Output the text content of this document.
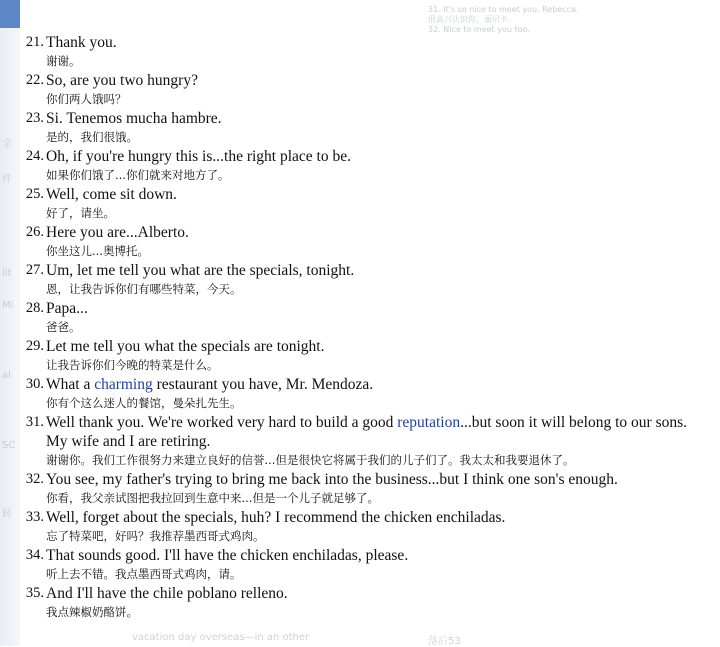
字
件
lit
Mi
al
SC
转
31. It's so nice to meet you, Rebecca.
很高兴认识你，丽贝卡。
32. Nice to meet you too.
21. Thank you.
谢谢。
22. So, are you two hungry?
你们两人饿吗？
23. Si. Tenemos mucha hambre.
是的，我们很饿。
24. Oh, if you're hungry this is...the right place to be.
如果你们饿了...你们就来对地方了。
25. Well, come sit down.
好了，请坐。
26. Here you are...Alberto.
你坐这儿...奥博托。
27. Um, let me tell you what are the specials, tonight.
恩，让我告诉你们有哪些特菜，今天。
28. Papa...
爸爸。
29. Let me tell you what the specials are tonight.
让我告诉你们今晚的特菜是什么。
30. What a charming restaurant you have, Mr. Mendoza.
你有个这么迷人的餐馆，曼朵扎先生。
31. Well thank you. We're worked very hard to build a good reputation...but soon it will belong to our sons. My wife and I are retiring.
谢谢你。我们工作很努力来建立良好的信誉...但是很快它将属于我们的儿子们了。我太太和我要退休了。
32. You see, my father's trying to bring me back into the business...but I think one son's enough.
你看，我父亲试图把我拉回到生意中来...但是一个儿子就足够了。
33. Well, forget about the specials, huh? I recommend the chicken enchiladas.
忘了特菜吧，好吗？我推荐墨西哥式鸡肉。
34. That sounds good. I'll have the chicken enchiladas, please.
听上去不错。我点墨西哥式鸡肉，请。
35. And I'll have the chile poblano relleno.
我点辣椒奶酪饼。
vacation day overseas—in an other	落后53
